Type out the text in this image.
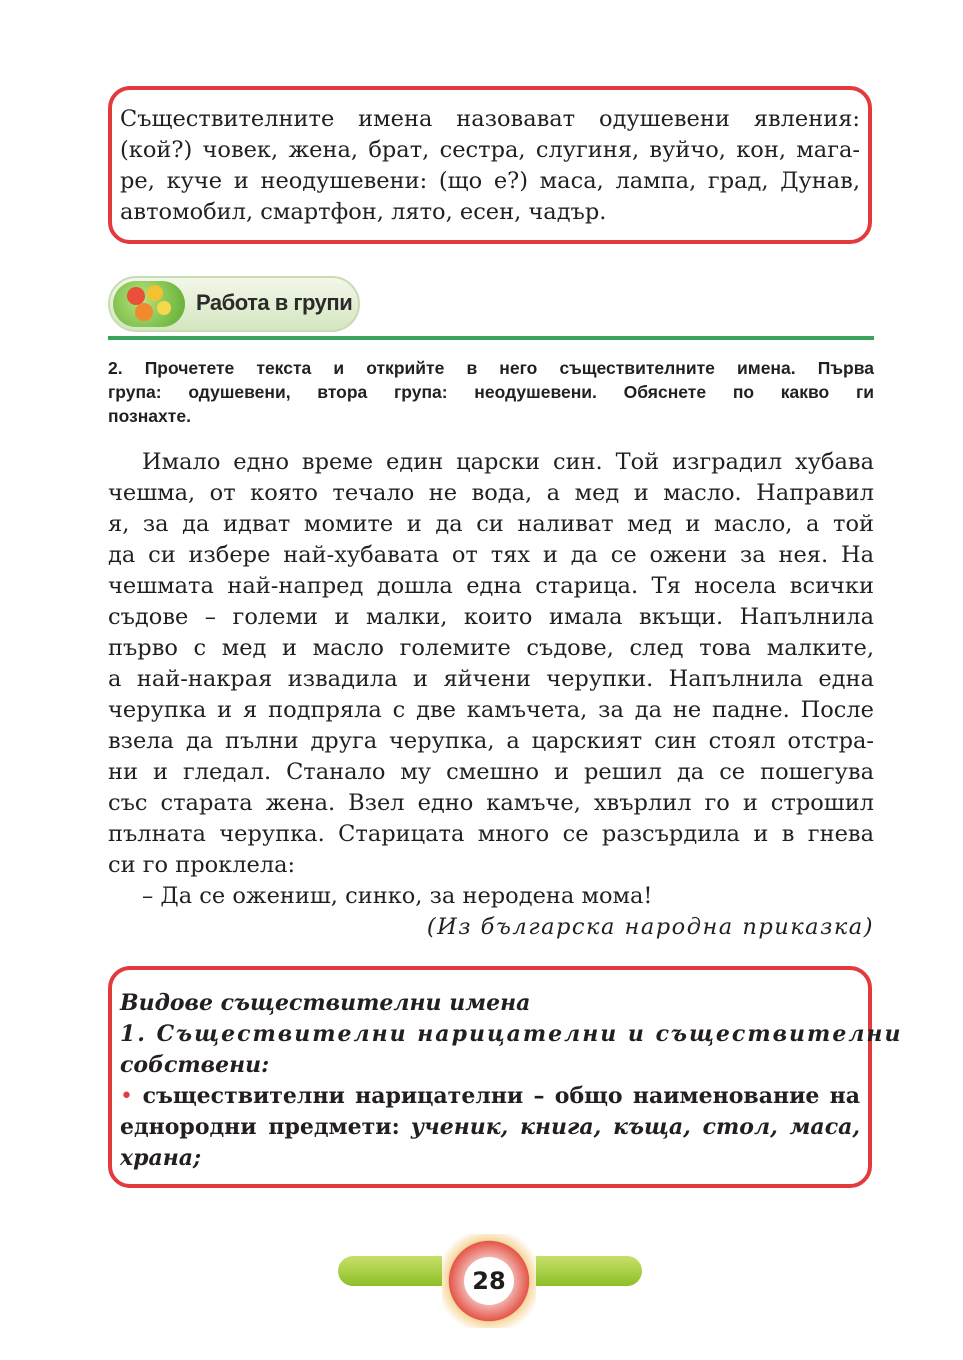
Съществителните имена назовават одушевени явления:
(кой?) човек, жена, брат, сестра, слугиня, вуйчо, кон, мага-
ре, куче и неодушевени: (що е?) маса, лампа, град, Дунав,
автомобил, смартфон, лято, есен, чадър.
Работа в групи
2. Прочетете текста и открийте в него съществителните имена. Първа
група: одушевени, втора група: неодушевени. Обяснете по какво ги
познахте.
Имало едно време един царски син. Той изградил хубава
чешма, от която течало не вода, а мед и масло. Направил
я, за да идват момите и да си наливат мед и масло, а той
да си избере най-хубавата от тях и да се ожени за нея. На
чешмата най-напред дошла една старица. Тя носела всички
съдове – големи и малки, които имала вкъщи. Напълнила
първо с мед и масло големите съдове, след това малките,
а най-накрая извадила и яйчени черупки. Напълнила една
черупка и я подпряла с две камъчета, за да не падне. После
взела да пълни друга черупка, а царският син стоял отстра-
ни и гледал. Станало му смешно и решил да се пошегува
със старата жена. Взел едно камъче, хвърлил го и строшил
пълната черупка. Старицата много се разсърдила и в гнева
си го проклела:
– Да се ожениш, синко, за неродена мома!
(Из българска народна приказка)
Видове съществителни имена
1. Съществителни нарицателни и съществителни
собствени:
• съществителни нарицателни – общо наименование на
еднородни предмети: ученик, книга, къща, стол, маса,
храна;
28
